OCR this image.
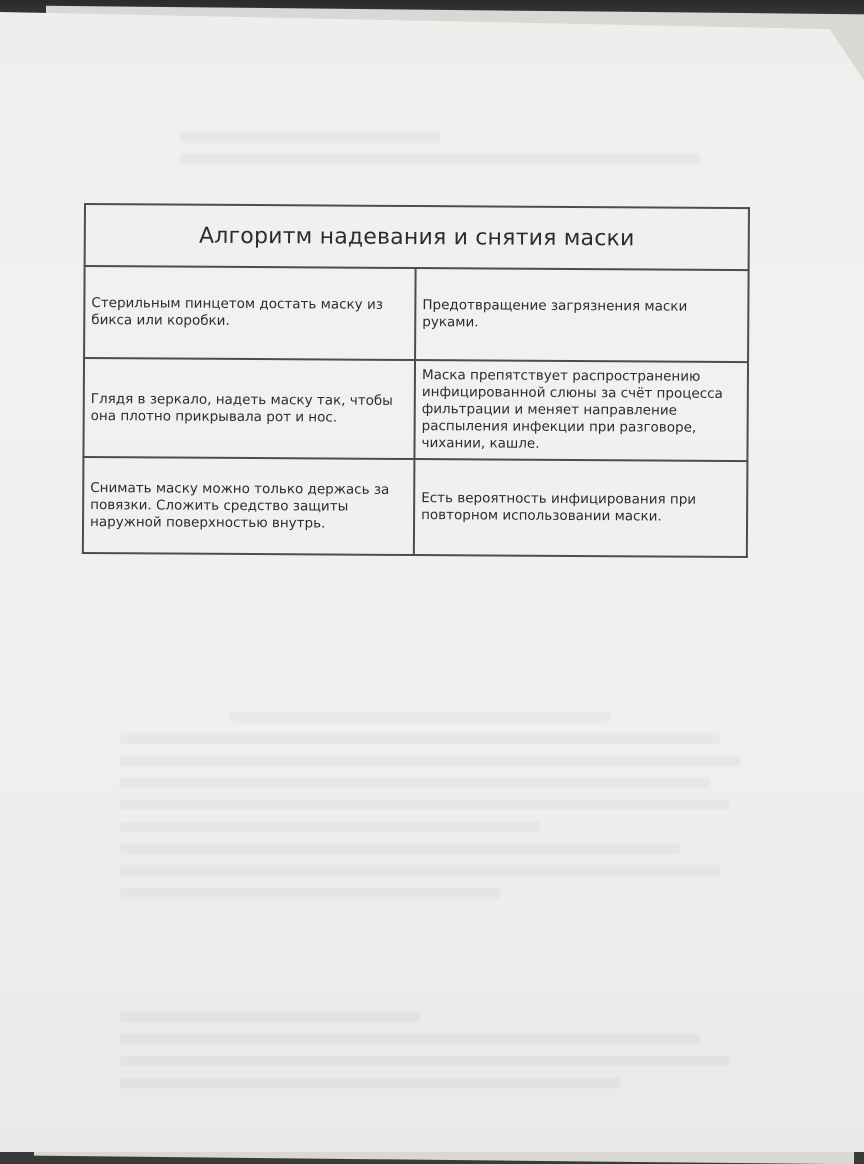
Алгоритм надевания и снятия маски	
Стерильным пинцетом достать маску из бикса или коробки.	Предотвращение загрязнения маски руками.
Глядя в зеркало, надеть маску так, чтобы она плотно прикрывала рот и нос.	Маска препятствует распространению инфицированной слюны за счёт процесса фильтрации и меняет направление распыления инфекции при разговоре, чихании, кашле.
Снимать маску можно только держась за повязки. Сложить средство защиты наружной поверхностью внутрь.	Есть вероятность инфицирования при повторном использовании маски.
